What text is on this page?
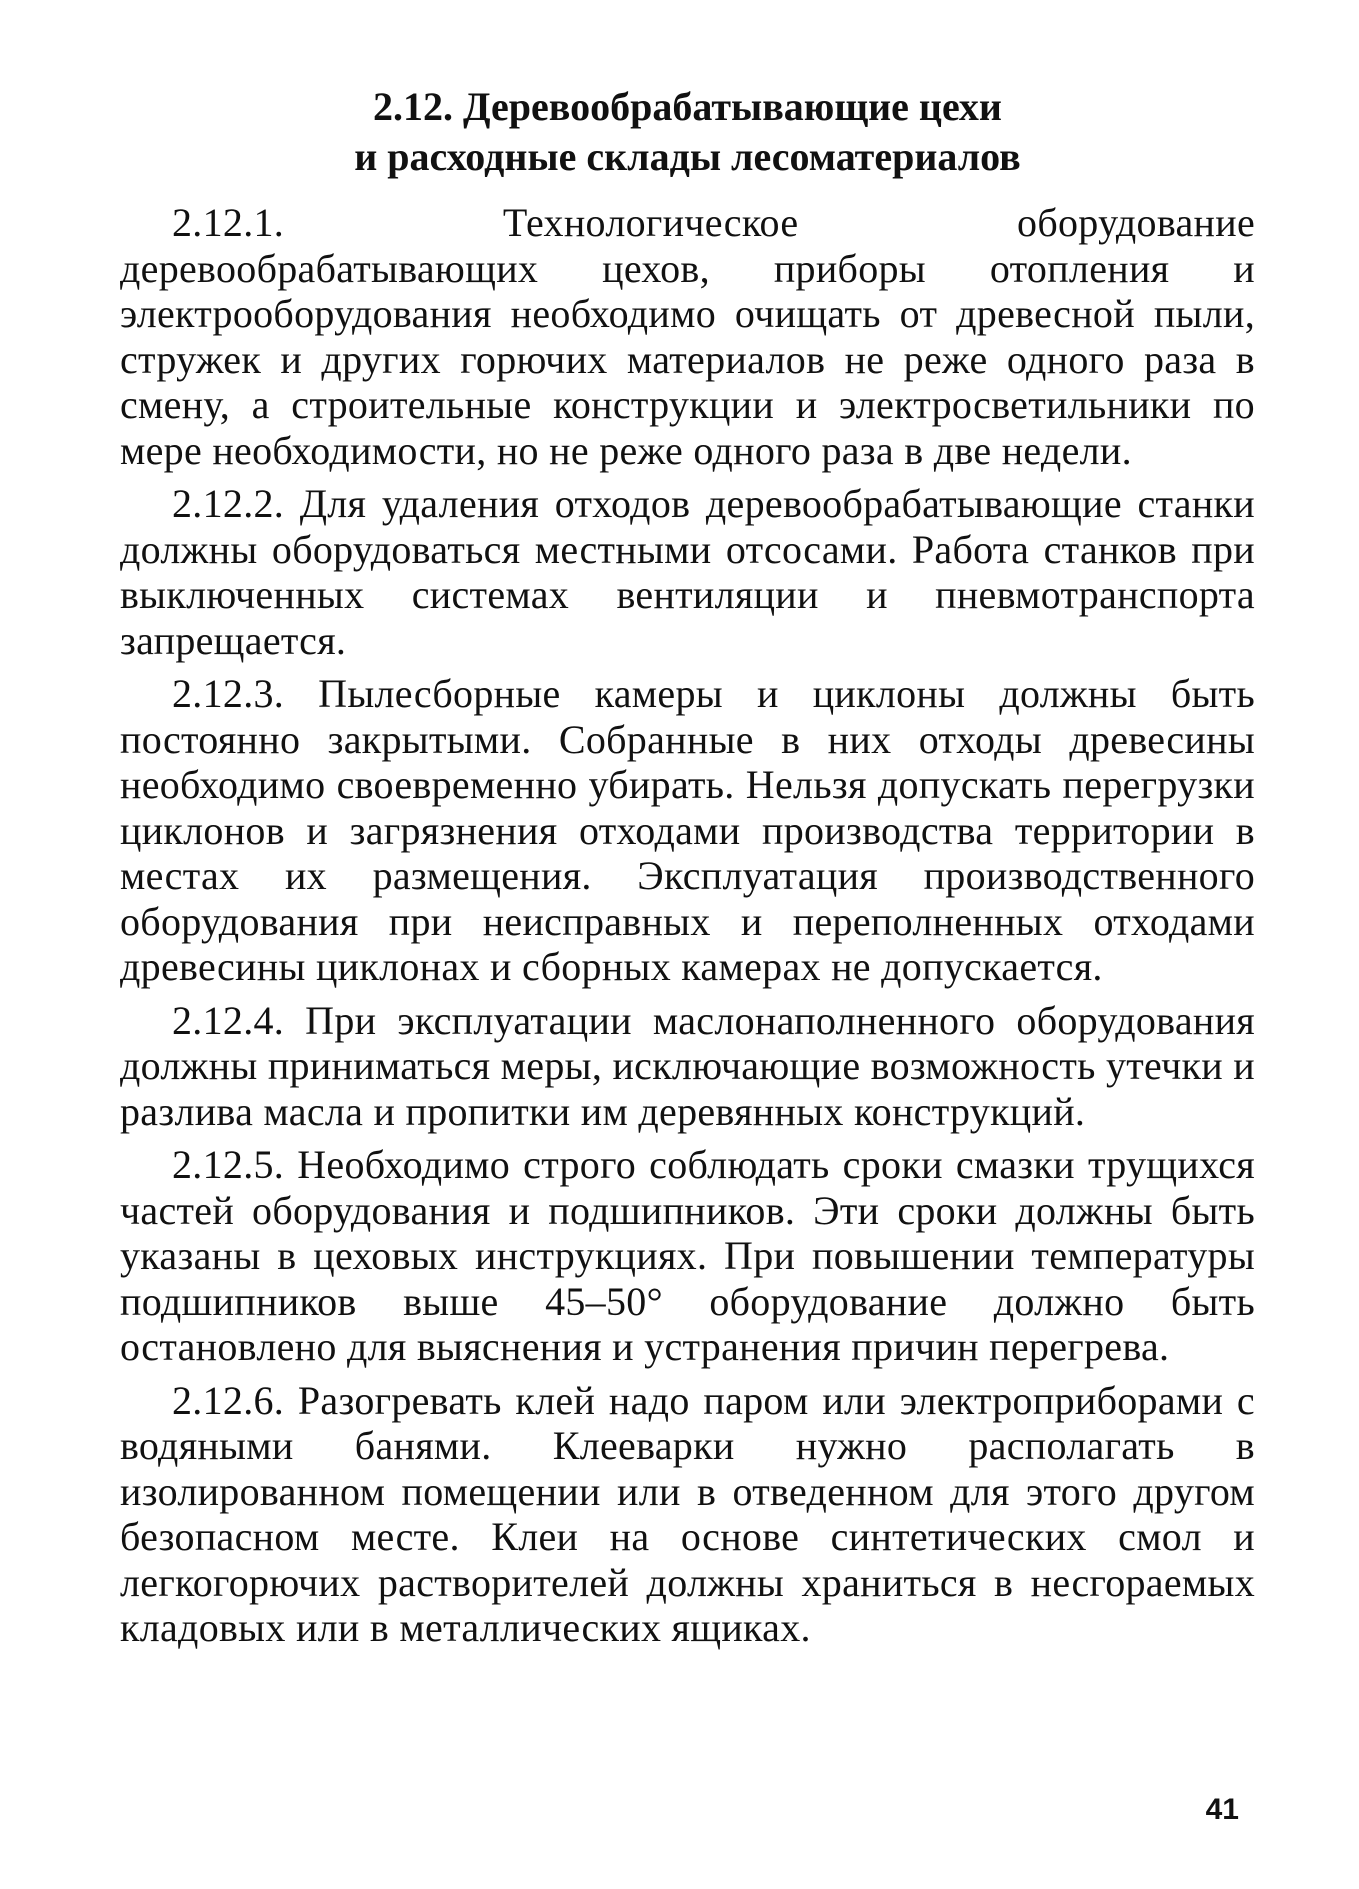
2.12. Деревообрабатывающие цехи
и расходные склады лесоматериалов

2.12.1.	Технологическое оборудование деревообрабатывающих цехов, приборы отопления и электрооборудования необходимо очищать от древесной пыли, стружек и других горючих материалов не реже одного раза в смену, а строительные конструкции и электросветильники по мере необходимости, но не реже одного раза в две недели.

2.12.2. Для удаления отходов деревообрабатывающие станки должны оборудоваться местными отсосами. Работа станков при выключенных системах вентиляции и пневмотранспорта запрещается.

2.12.3. Пылесборные камеры и циклоны должны быть постоянно закрытыми. Собранные в них отходы древесины необходимо своевременно убирать. Нельзя допускать перегрузки циклонов и загрязнения отходами производства территории в местах их размещения. Эксплуатация производственного оборудования при неисправных и переполненных отходами древесины циклонах и сборных камерах не допускается.

2.12.4. При эксплуатации маслонаполненного оборудования должны приниматься меры, исключающие возможность утечки и разлива масла и пропитки им деревянных конструкций.

2.12.5. Необходимо строго соблюдать сроки смазки трущихся частей оборудования и подшипников. Эти сроки должны быть указаны в цеховых инструкциях. При повышении температуры подшипников выше 45–50° оборудование должно быть остановлено для выяснения и устранения причин перегрева.

2.12.6. Разогревать клей надо паром или электроприборами с водяными банями. Клееварки нужно располагать в изолированном помещении или в отведенном для этого другом безопасном месте. Клеи на основе синтетических смол и легкогорючих растворителей должны храниться в несгораемых кладовых или в металлических ящиках.

41
